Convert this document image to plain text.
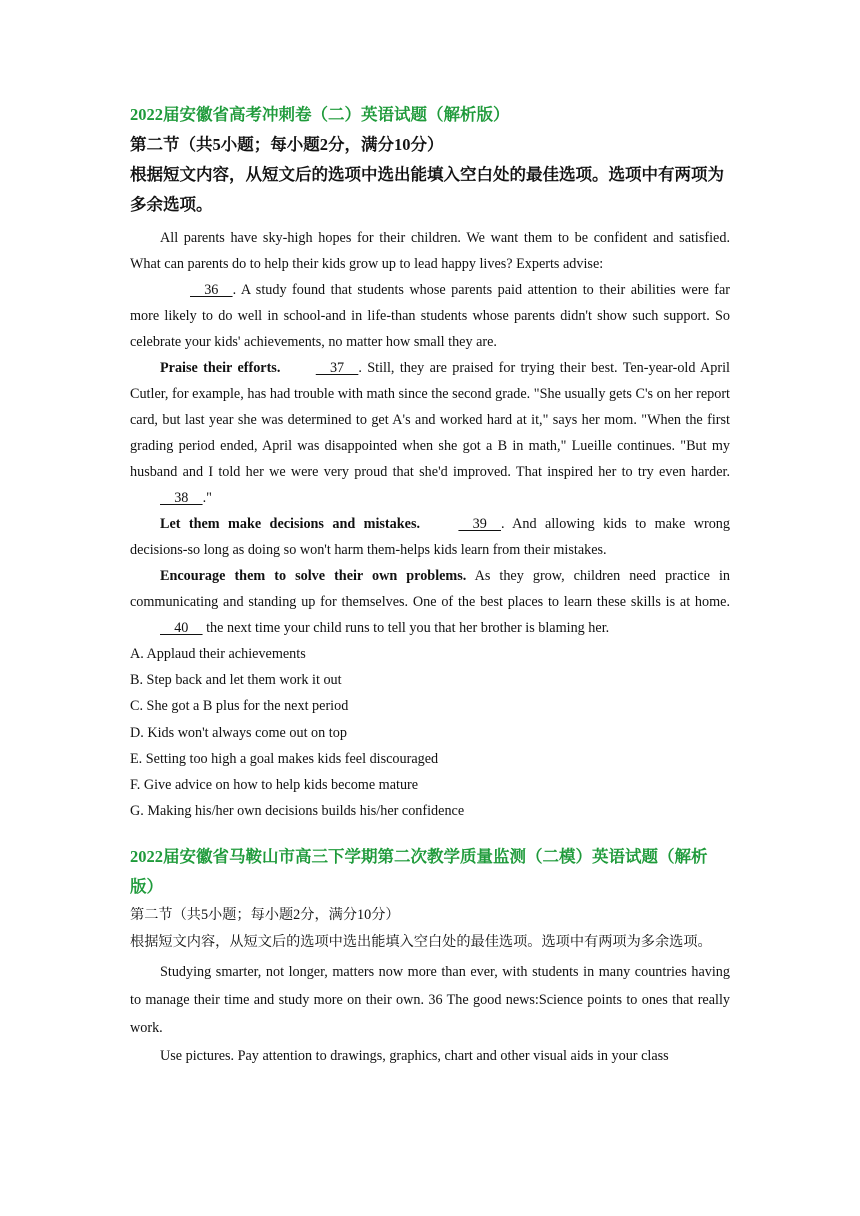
2022届安徽省高考冲刺卷（二）英语试题（解析版）

第二节（共5小题；每小题2分，满分10分）

根据短文内容，从短文后的选项中选出能填入空白处的最佳选项。选项中有两项为多余选项。

All parents have sky-high hopes for their children. We want them to be confident and satisfied. What can parents do to help their kids grow up to lead happy lives? Experts advise:

36    . A study found that students whose parents paid attention to their abilities were far more likely to do well in school-and in life-than students whose parents didn't show such support. So celebrate your kids' achievements, no matter how small they are.

Praise their efforts.     37    . Still, they are praised for trying their best. Ten-year-old April Cutler, for example, has had trouble with math since the second grade. "She usually gets C's on her report card, but last year she was determined to get A's and worked hard at it," says her mom. "When the first grading period ended, April was disappointed when she got a B in math," Lueille continues. "But my husband and I told her we were very proud that she'd improved. That inspired her to try even harder.     38    ."

Let them make decisions and mistakes.	39    . And allowing kids to make wrong decisions-so long as doing so won't harm them-helps kids learn from their mistakes.

Encourage them to solve their own problems. As they grow, children need practice in communicating and standing up for themselves. One of the best places to learn these skills is at home.     40     the next time your child runs to tell you that her brother is blaming her.

A. Applaud their achievements

B. Step back and let them work it out

C. She got a B plus for the next period

D. Kids won't always come out on top

E. Setting too high a goal makes kids feel discouraged

F. Give advice on how to help kids become mature

G. Making his/her own decisions builds his/her confidence

2022届安徽省马鞍山市高三下学期第二次教学质量监测（二模）英语试题（解析版）

第二节（共5小题；每小题2分，满分10分）

根据短文内容，从短文后的选项中选出能填入空白处的最佳选项。选项中有两项为多余选项。

Studying smarter, not longer, matters now more than ever, with students in many countries having to manage their time and study more on their own. 36 The good news:Science points to ones that really work.

Use pictures. Pay attention to drawings, graphics, chart and other visual aids in your class
